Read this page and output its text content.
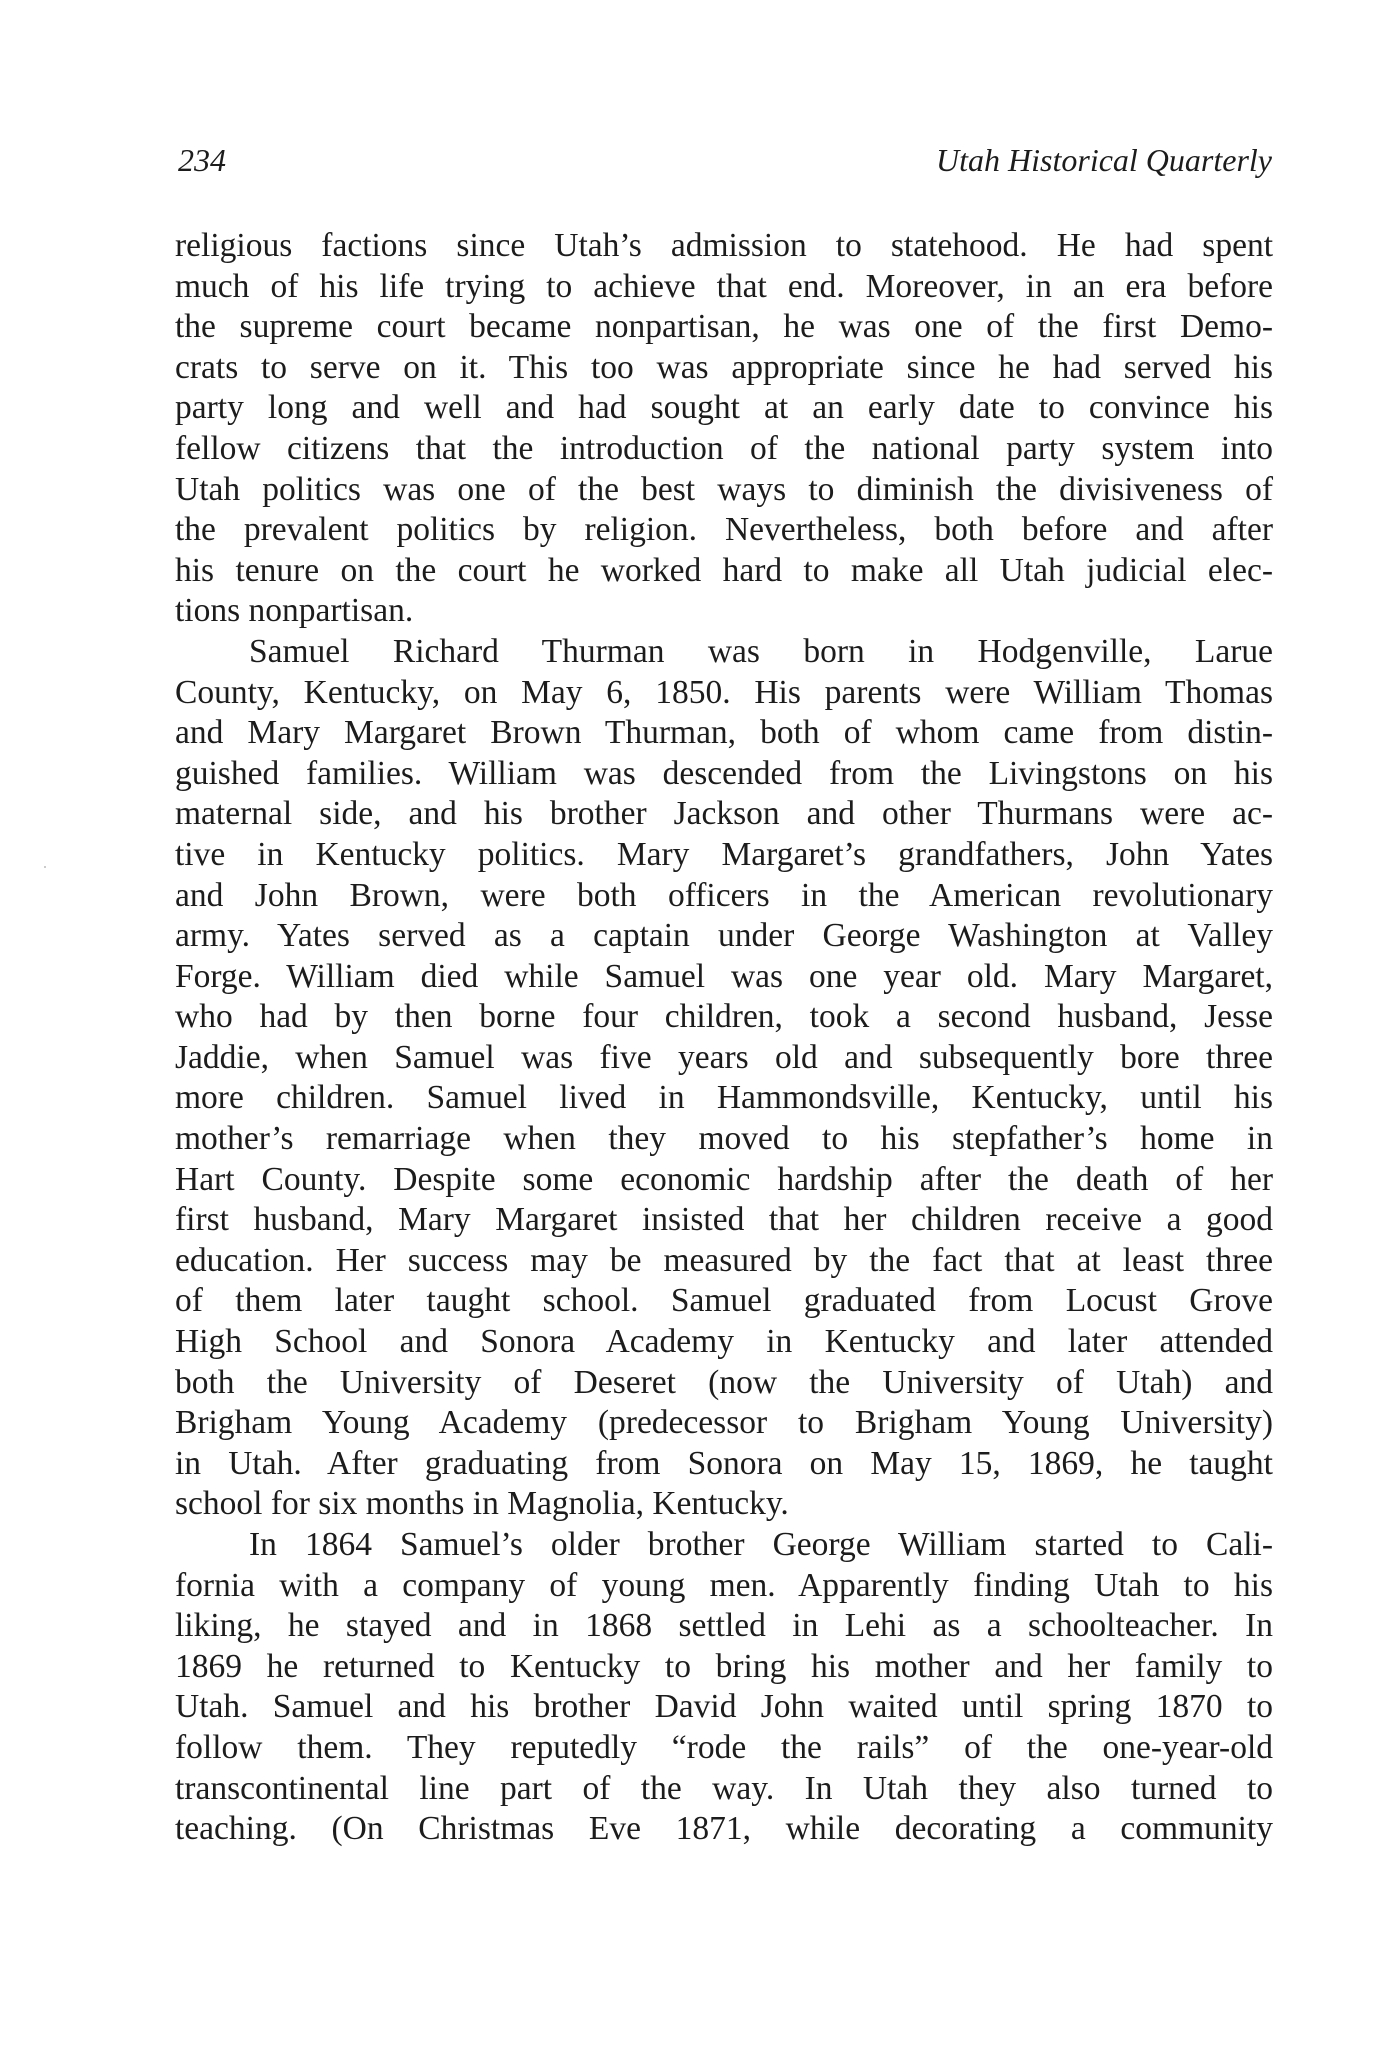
234	Utah Historical Quarterly
religious factions since Utah’s admission to statehood. He had spent
much of his life trying to achieve that end. Moreover, in an era before
the supreme court became nonpartisan, he was one of the first Demo-
crats to serve on it. This too was appropriate since he had served his
party long and well and had sought at an early date to convince his
fellow citizens that the introduction of the national party system into
Utah politics was one of the best ways to diminish the divisiveness of
the prevalent politics by religion. Nevertheless, both before and after
his tenure on the court he worked hard to make all Utah judicial elec-
tions nonpartisan.
Samuel Richard Thurman was born in Hodgenville, Larue
County, Kentucky, on May 6, 1850. His parents were William Thomas
and Mary Margaret Brown Thurman, both of whom came from distin-
guished families. William was descended from the Livingstons on his
maternal side, and his brother Jackson and other Thurmans were ac-
tive in Kentucky politics. Mary Margaret’s grandfathers, John Yates
and John Brown, were both officers in the American revolutionary
army. Yates served as a captain under George Washington at Valley
Forge. William died while Samuel was one year old. Mary Margaret,
who had by then borne four children, took a second husband, Jesse
Jaddie, when Samuel was five years old and subsequently bore three
more children. Samuel lived in Hammondsville, Kentucky, until his
mother’s remarriage when they moved to his stepfather’s home in
Hart County. Despite some economic hardship after the death of her
first husband, Mary Margaret insisted that her children receive a good
education. Her success may be measured by the fact that at least three
of them later taught school. Samuel graduated from Locust Grove
High School and Sonora Academy in Kentucky and later attended
both the University of Deseret (now the University of Utah) and
Brigham Young Academy (predecessor to Brigham Young University)
in Utah. After graduating from Sonora on May 15, 1869, he taught
school for six months in Magnolia, Kentucky.
In 1864 Samuel’s older brother George William started to Cali-
fornia with a company of young men. Apparently finding Utah to his
liking, he stayed and in 1868 settled in Lehi as a schoolteacher. In
1869 he returned to Kentucky to bring his mother and her family to
Utah. Samuel and his brother David John waited until spring 1870 to
follow them. They reputedly “rode the rails” of the one-year-old
transcontinental line part of the way. In Utah they also turned to
teaching. (On Christmas Eve 1871, while decorating a community
